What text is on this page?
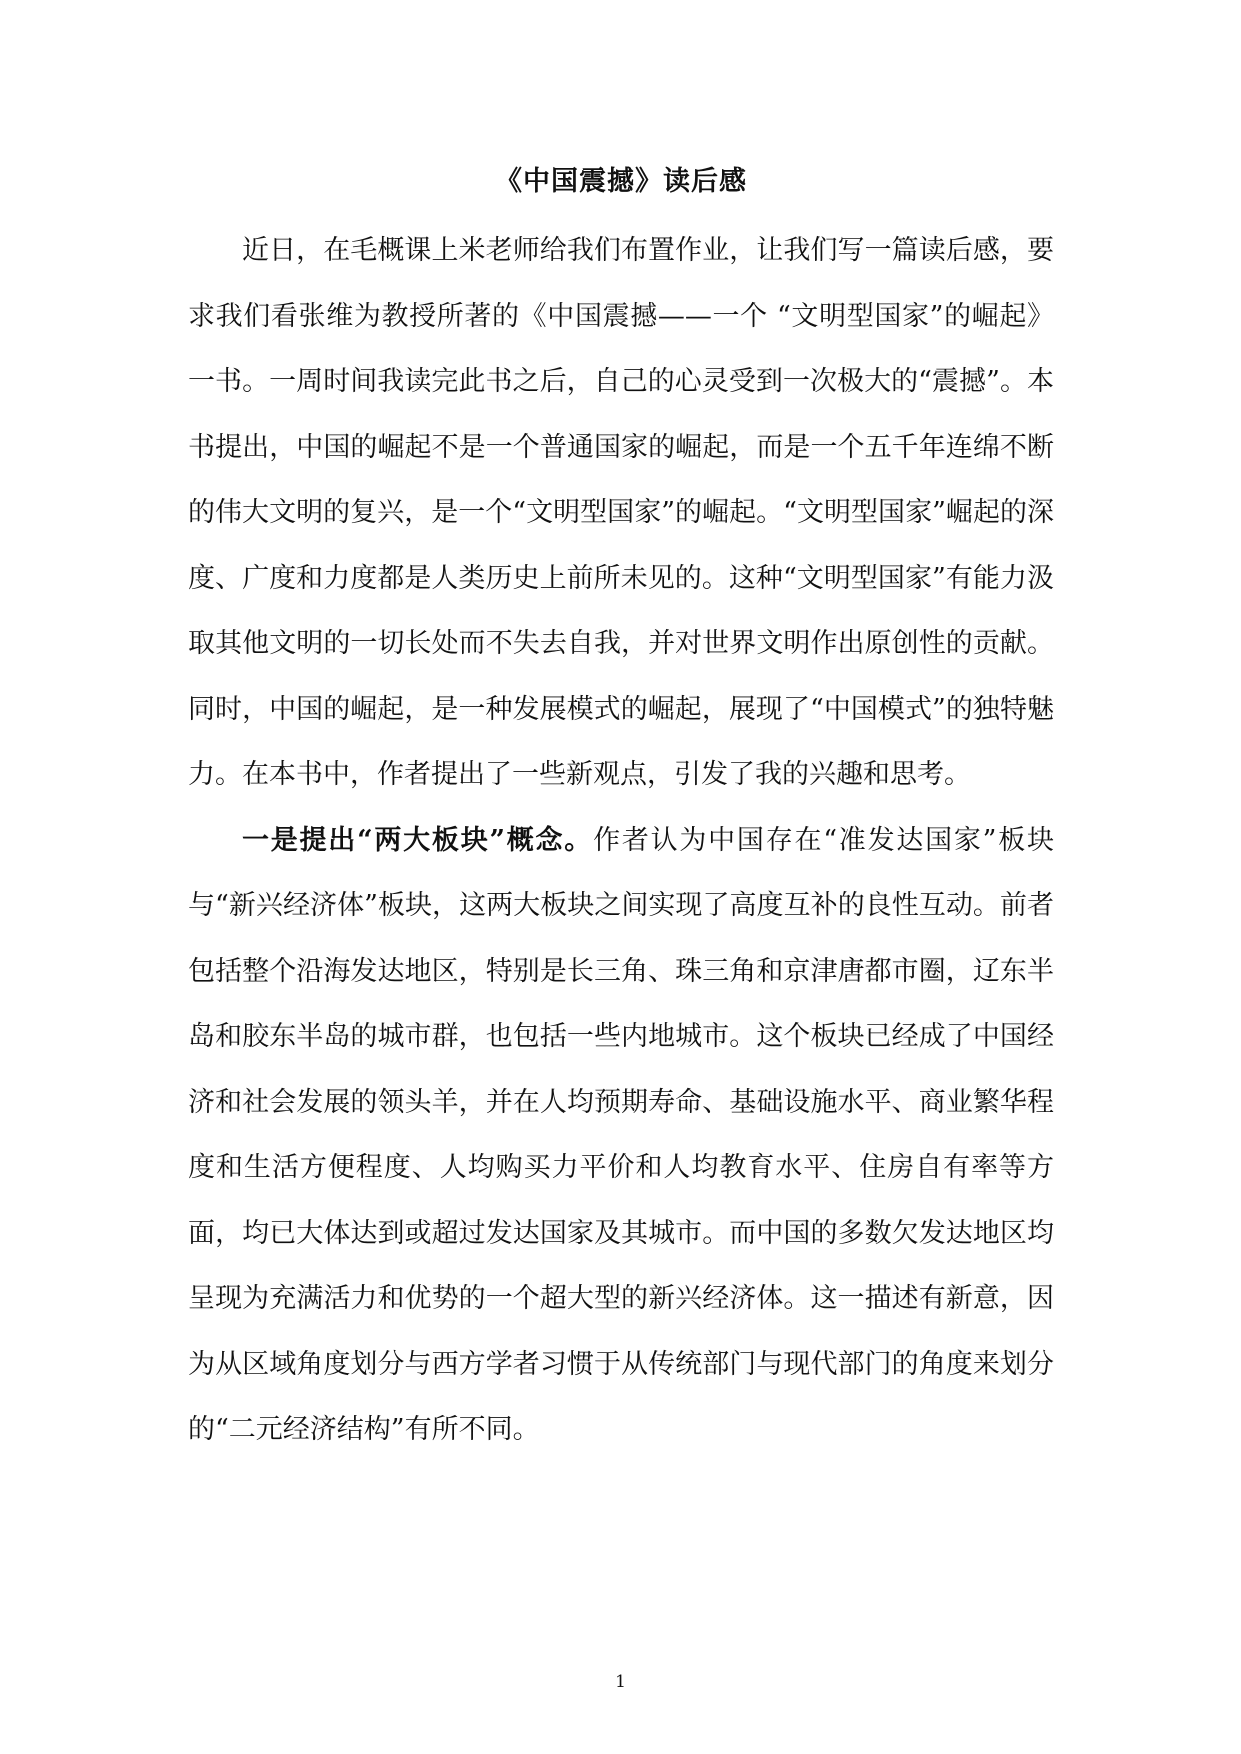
《中国震撼》读后感

近日，在毛概课上米老师给我们布置作业，让我们写一篇读后感，要求我们看张维为教授所著的《中国震撼——一个 “文明型国家”的崛起》一书。一周时间我读完此书之后，自己的心灵受到一次极大的“震撼”。本书提出，中国的崛起不是一个普通国家的崛起，而是一个五千年连绵不断的伟大文明的复兴，是一个“文明型国家”的崛起。“文明型国家”崛起的深度、广度和力度都是人类历史上前所未见的。这种“文明型国家”有能力汲取其他文明的一切长处而不失去自我，并对世界文明作出原创性的贡献。同时，中国的崛起，是一种发展模式的崛起，展现了“中国模式”的独特魅力。在本书中，作者提出了一些新观点，引发了我的兴趣和思考。

一是提出“两大板块”概念。作者认为中国存在“准发达国家”板块与“新兴经济体”板块，这两大板块之间实现了高度互补的良性互动。前者包括整个沿海发达地区，特别是长三角、珠三角和京津唐都市圈，辽东半岛和胶东半岛的城市群，也包括一些内地城市。这个板块已经成了中国经济和社会发展的领头羊，并在人均预期寿命、基础设施水平、商业繁华程度和生活方便程度、人均购买力平价和人均教育水平、住房自有率等方面，均已大体达到或超过发达国家及其城市。而中国的多数欠发达地区均呈现为充满活力和优势的一个超大型的新兴经济体。这一描述有新意，因为从区域角度划分与西方学者习惯于从传统部门与现代部门的角度来划分的“二元经济结构”有所不同。

1
